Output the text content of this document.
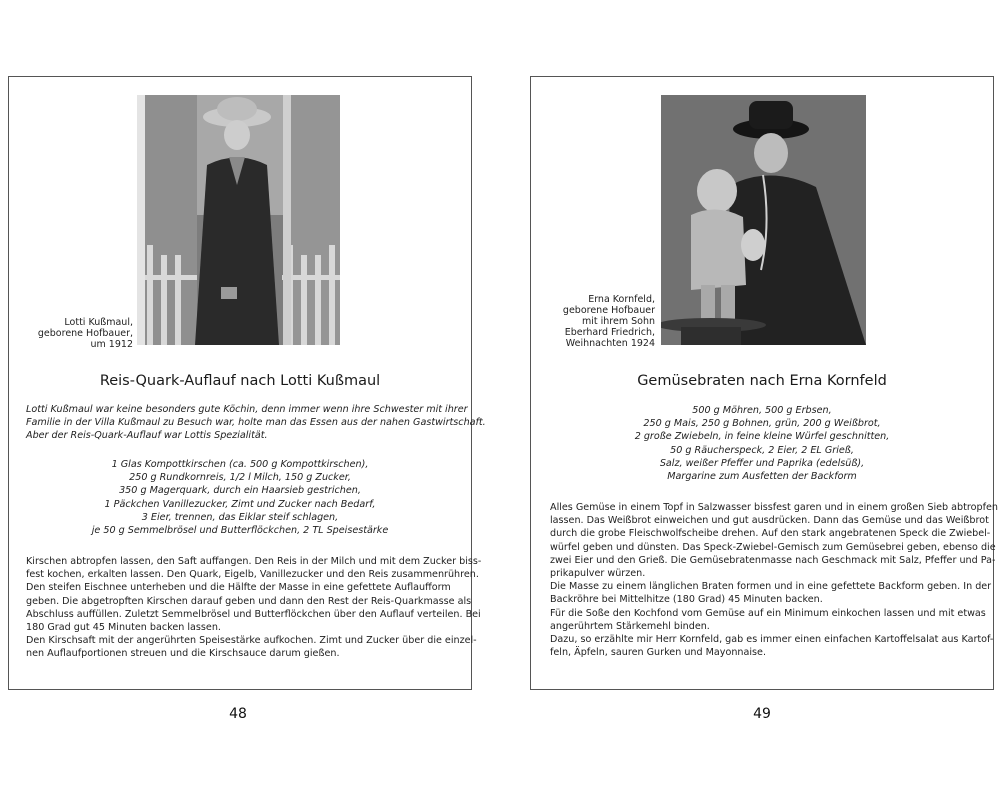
Lotti Kußmaul,
geborene Hofbauer,
um 1912
Reis-Quark-Auflauf nach Lotti Kußmaul
Lotti Kußmaul war keine besonders gute Köchin, denn immer wenn ihre Schwester mit ihrer
Familie in der Villa Kußmaul zu Besuch war, holte man das Essen aus der nahen Gastwirtschaft.
Aber der Reis-Quark-Auflauf war Lottis Spezialität.
1 Glas Kompottkirschen (ca. 500 g Kompottkirschen),
250 g Rundkornreis, 1/2 l Milch, 150 g Zucker,
350 g Magerquark, durch ein Haarsieb gestrichen,
1 Päckchen Vanillezucker, Zimt und Zucker nach Bedarf,
3 Eier, trennen, das Eiklar steif schlagen,
je 50 g Semmelbrösel und Butterflöckchen, 2 TL Speisestärke
Kirschen abtropfen lassen, den Saft auffangen. Den Reis in der Milch und mit dem Zucker biss-
fest kochen, erkalten lassen. Den Quark, Eigelb, Vanillezucker und den Reis zusammenrühren.
Den steifen Eischnee unterheben und die Hälfte der Masse in eine gefettete Auflaufform
geben. Die abgetropften Kirschen darauf geben und dann den Rest der Reis-Quarkmasse als
Abschluss auffüllen. Zuletzt Semmelbrösel und Butterflöckchen über den Auflauf verteilen. Bei
180 Grad gut 45 Minuten backen lassen.
Den Kirschsaft mit der angerührten Speisestärke aufkochen. Zimt und Zucker über die einzel-
nen Auflaufportionen streuen und die Kirschsauce darum gießen.
48
Erna Kornfeld,
geborene Hofbauer
mit ihrem Sohn
Eberhard Friedrich,
Weihnachten 1924
Gemüsebraten nach Erna Kornfeld
500 g Möhren, 500 g Erbsen,
250 g Mais, 250 g Bohnen, grün, 200 g Weißbrot,
2 große Zwiebeln, in feine kleine Würfel geschnitten,
50 g Räucherspeck, 2 Eier, 2 EL Grieß,
Salz, weißer Pfeffer und Paprika (edelsüß),
Margarine zum Ausfetten der Backform
Alles Gemüse in einem Topf in Salzwasser bissfest garen und in einem großen Sieb abtropfen
lassen. Das Weißbrot einweichen und gut ausdrücken. Dann das Gemüse und das Weißbrot
durch die grobe Fleischwolfscheibe drehen. Auf den stark angebratenen Speck die Zwiebel-
würfel geben und dünsten. Das Speck-Zwiebel-Gemisch zum Gemüsebrei geben, ebenso die
zwei Eier und den Grieß. Die Gemüsebratenmasse nach Geschmack mit Salz, Pfeffer und Pa-
prikapulver würzen.
Die Masse zu einem länglichen Braten formen und in eine gefettete Backform geben. In der
Backröhre bei Mittelhitze (180 Grad) 45 Minuten backen.
Für die Soße den Kochfond vom Gemüse auf ein Minimum einkochen lassen und mit etwas
angerührtem Stärkemehl binden.
Dazu, so erzählte mir Herr Kornfeld, gab es immer einen einfachen Kartoffelsalat aus Kartof-
feln, Äpfeln, sauren Gurken und Mayonnaise.
49
